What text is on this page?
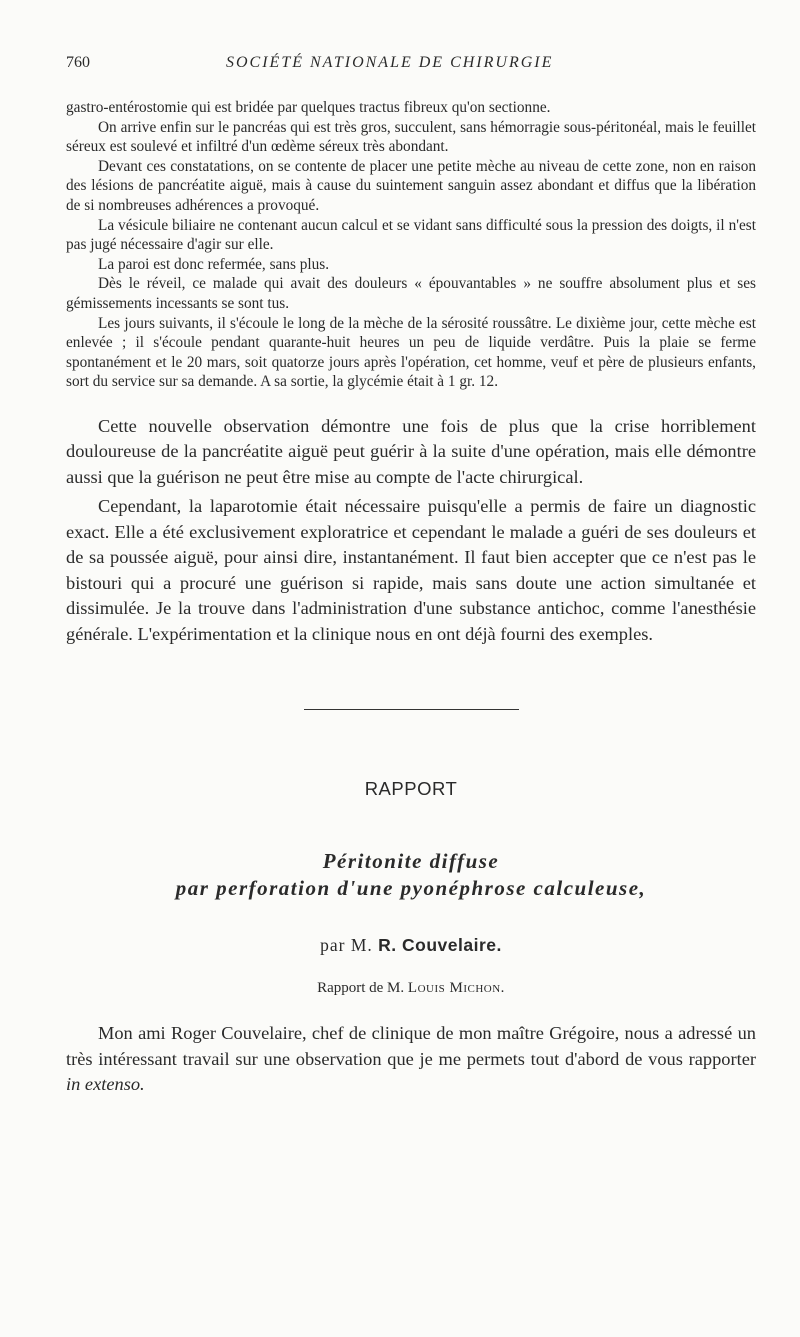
760	SOCIÉTÉ NATIONALE DE CHIRURGIE

gastro-entérostomie qui est bridée par quelques tractus fibreux qu'on sectionne.

On arrive enfin sur le pancréas qui est très gros, succulent, sans hémorragie sous-péritonéal, mais le feuillet séreux est soulevé et infiltré d'un œdème séreux très abondant.

Devant ces constatations, on se contente de placer une petite mèche au niveau de cette zone, non en raison des lésions de pancréatite aiguë, mais à cause du suintement sanguin assez abondant et diffus que la libération de si nombreuses adhérences a provoqué.

La vésicule biliaire ne contenant aucun calcul et se vidant sans difficulté sous la pression des doigts, il n'est pas jugé nécessaire d'agir sur elle.

La paroi est donc refermée, sans plus.

Dès le réveil, ce malade qui avait des douleurs « épouvantables » ne souffre absolument plus et ses gémissements incessants se sont tus.

Les jours suivants, il s'écoule le long de la mèche de la sérosité roussâtre. Le dixième jour, cette mèche est enlevée ; il s'écoule pendant quarante-huit heures un peu de liquide verdâtre. Puis la plaie se ferme spontanément et le 20 mars, soit quatorze jours après l'opération, cet homme, veuf et père de plusieurs enfants, sort du service sur sa demande. A sa sortie, la glycémie était à 1 gr. 12.

Cette nouvelle observation démontre une fois de plus que la crise horriblement douloureuse de la pancréatite aiguë peut guérir à la suite d'une opération, mais elle démontre aussi que la guérison ne peut être mise au compte de l'acte chirurgical.

Cependant, la laparotomie était nécessaire puisqu'elle a permis de faire un diagnostic exact. Elle a été exclusivement exploratrice et cependant le malade a guéri de ses douleurs et de sa poussée aiguë, pour ainsi dire, instantanément. Il faut bien accepter que ce n'est pas le bistouri qui a procuré une guérison si rapide, mais sans doute une action simultanée et dissimulée. Je la trouve dans l'administration d'une substance antichoc, comme l'anesthésie générale. L'expérimentation et la clinique nous en ont déjà fourni des exemples.

RAPPORT
Péritonite diffuse
par perforation d'une pyonéphrose calculeuse,
par M. R. Couvelaire.
Rapport de M. Louis Michon.

Mon ami Roger Couvelaire, chef de clinique de mon maître Grégoire, nous a adressé un très intéressant travail sur une observation que je me permets tout d'abord de vous rapporter in extenso.
